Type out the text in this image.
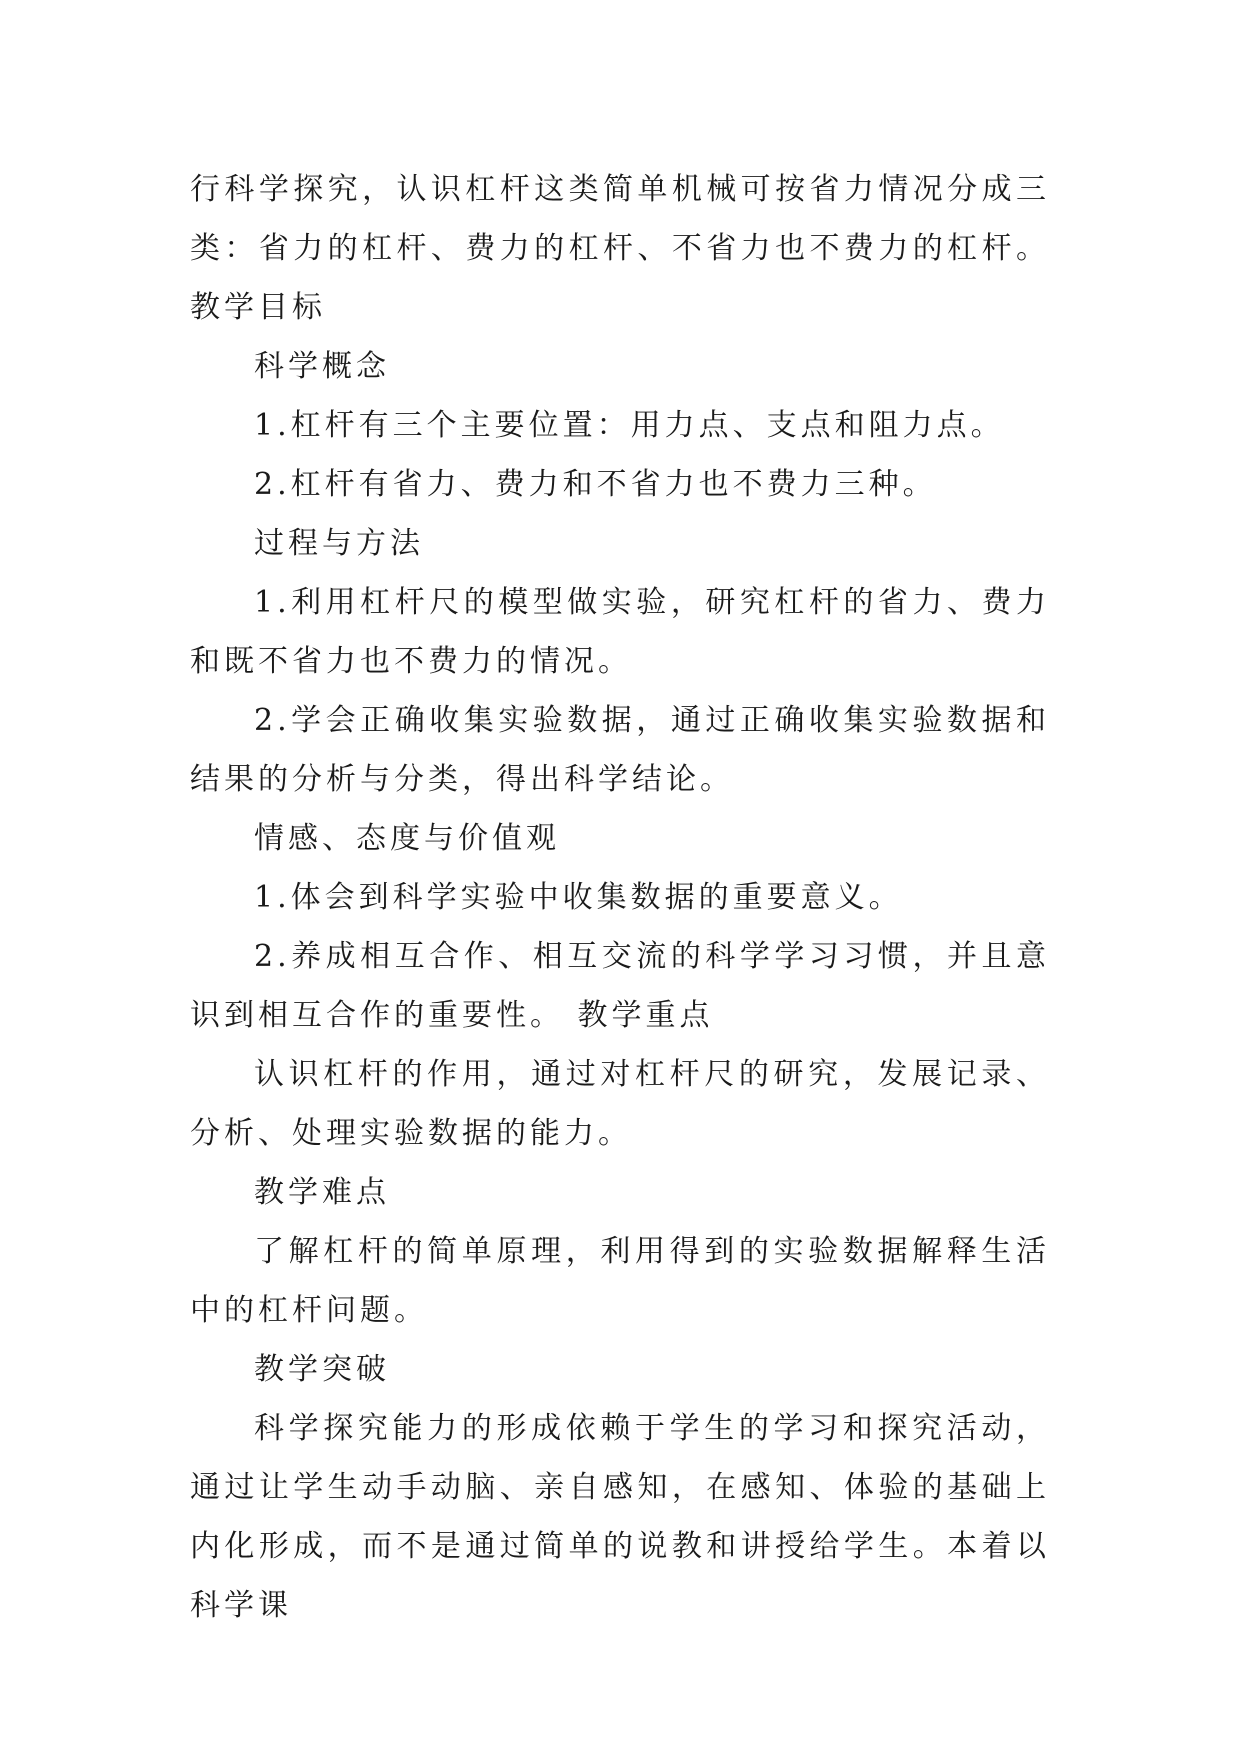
行科学探究，认识杠杆这类简单机械可按省力情况分成三类：省力的杠杆、费力的杠杆、不省力也不费力的杠杆。 教学目标

科学概念

1.杠杆有三个主要位置：用力点、支点和阻力点。

2.杠杆有省力、费力和不省力也不费力三种。

过程与方法

1.利用杠杆尺的模型做实验，研究杠杆的省力、费力和既不省力也不费力的情况。

2.学会正确收集实验数据，通过正确收集实验数据和结果的分析与分类，得出科学结论。

情感、态度与价值观

1.体会到科学实验中收集数据的重要意义。

2.养成相互合作、相互交流的科学学习习惯，并且意识到相互合作的重要性。 教学重点

认识杠杆的作用，通过对杠杆尺的研究，发展记录、分析、处理实验数据的能力。

教学难点

了解杠杆的简单原理，利用得到的实验数据解释生活中的杠杆问题。

教学突破

科学探究能力的形成依赖于学生的学习和探究活动，通过让学生动手动脑、亲自感知，在感知、体验的基础上内化形成，而不是通过简单的说教和讲授给学生。本着以科学课
